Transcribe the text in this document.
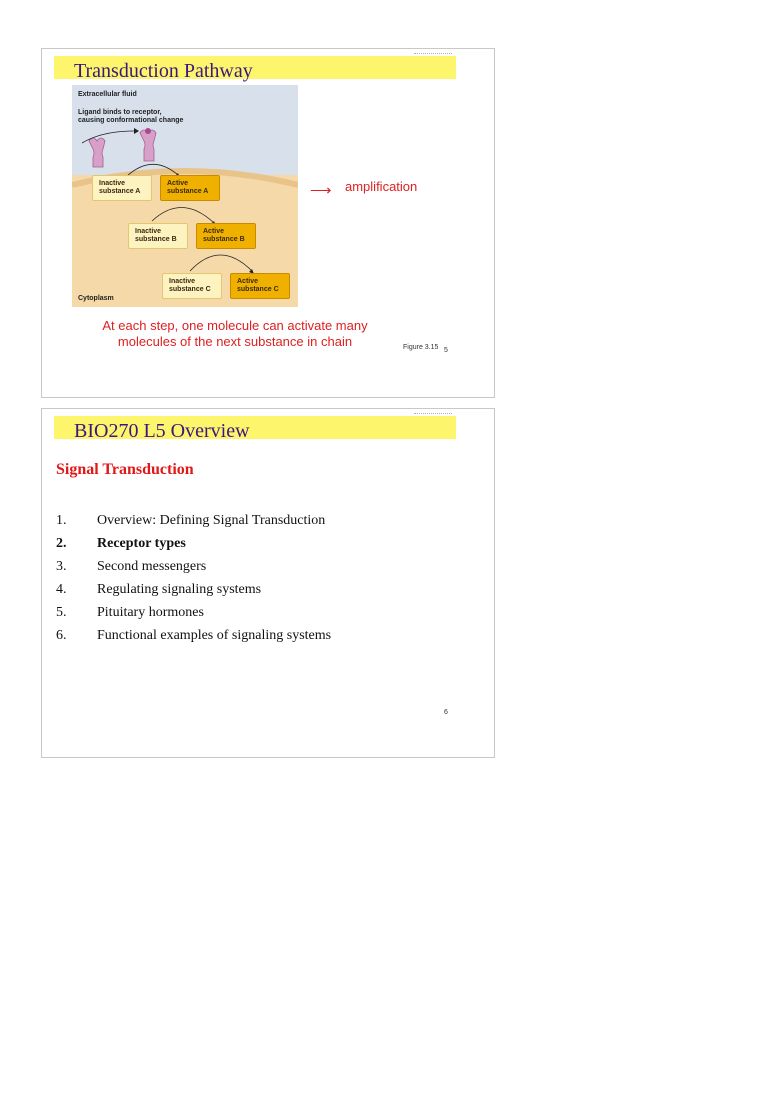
Transduction Pathway
Extracellular fluid
Ligand binds to receptor,
causing conformational change
Inactive
substance A
Active
substance A
Inactive
substance B
Active
substance B
Inactive
substance C
Active
substance C
Cytoplasm
⟶ amplification
At each step, one molecule can activate many
molecules of the next substance in chain	Figure 3.15 5
BIO270 L5 Overview
Signal Transduction
1. Overview: Defining Signal Transduction
2. Receptor types
3. Second messengers
4. Regulating signaling systems
5. Pituitary hormones
6. Functional examples of signaling systems
6
